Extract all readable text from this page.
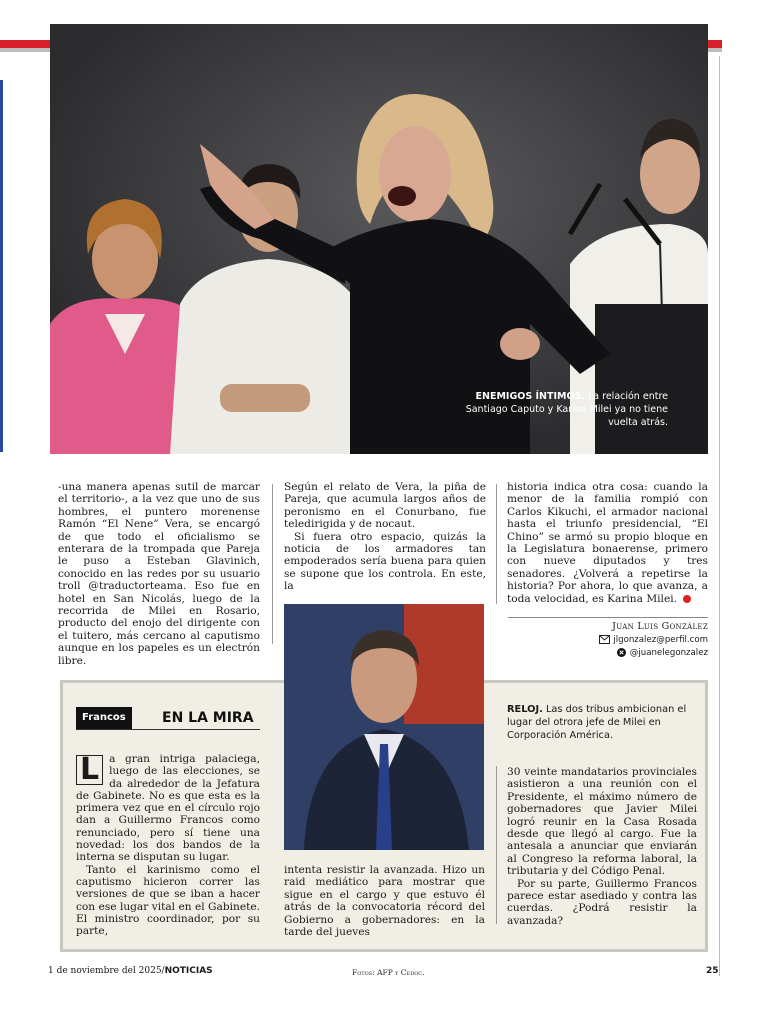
ENEMIGOS ÍNTIMOS. La relación entre Santiago Caputo y Karina Milei ya no tiene vuelta atrás.

-una manera apenas sutil de marcar el territorio-, a la vez que uno de sus hombres, el puntero morenense Ramón “El Nene” Vera, se encargó de que todo el oficialismo se enterara de la trompada que Pareja le puso a Esteban Glavinich, conocido en las redes por su usuario troll @traductorteama. Eso fue en hotel en San Nicolás, luego de la recorrida de Milei en Rosario, producto del enojo del dirigente con el tuitero, más cercano al caputismo aunque en los papeles es un electrón libre.

Según el relato de Vera, la piña de Pareja, que acumula largos años de peronismo en el Conurbano, fue teledirigida y de nocaut.

Si fuera otro espacio, quizás la noticia de los armadores tan empoderados sería buena para quien se supone que los controla. En este, la

historia indica otra cosa: cuando la menor de la familia rompió con Carlos Kikuchi, el armador nacional hasta el triunfo presidencial, “El Chino” se armó su propio bloque en la Legislatura bonaerense, primero con nueve diputados y tres senadores. ¿Volverá a repetirse la historia? Por ahora, lo que avanza, a toda velocidad, es Karina Milei.

Juan Luis González
jlgonzalez@perfil.com
@juanelegonzalez
Francos	EN LA MIRA

L a gran intriga palaciega, luego de las elecciones, se da alrededor de la Jefatura de Gabinete. No es que esta es la primera vez que en el círculo rojo dan a Guillermo Francos como renunciado, pero sí tiene una novedad: los dos bandos de la interna se disputan su lugar.

Tanto el karinismo como el caputismo hicieron correr las versiones de que se iban a hacer con ese lugar vital en el Gabinete. El ministro coordinador, por su parte,

intenta resistir la avanzada. Hizo un raid mediático para mostrar que sigue en el cargo y que estuvo él atrás de la convocatoria récord del Gobierno a gobernadores: en la tarde del jueves

RELOJ. Las dos tribus ambicionan el lugar del otrora jefe de Milei en Corporación América.

30 veinte mandatarios provinciales asistieron a una reunión con el Presidente, el máximo número de gobernadores que Javier Milei logró reunir en la Casa Rosada desde que llegó al cargo. Fue la antesala a anunciar que enviarán al Congreso la reforma laboral, la tributaria y del Código Penal.

Por su parte, Guillermo Francos parece estar asediado y contra las cuerdas. ¿Podrá resistir la avanzada?

1 de noviembre del 2025/NOTICIAS	Fotos: AFP y Cedoc.	25
